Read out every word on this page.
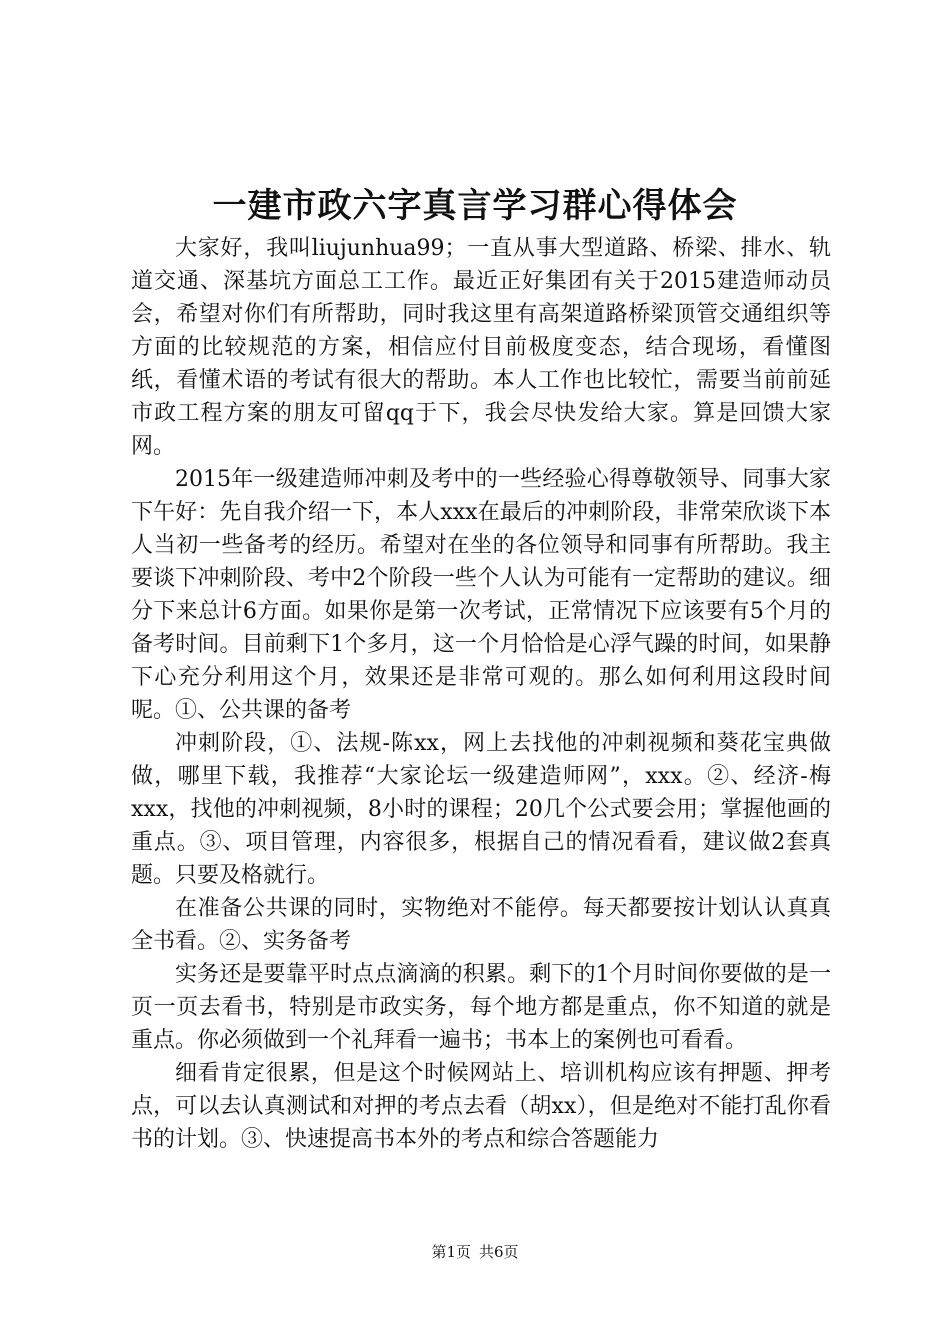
一建市政六字真言学习群心得体会

大家好，我叫liujunhua99；一直从事大型道路、桥梁、排水、轨道交通、深基坑方面总工工作。最近正好集团有关于2015建造师动员会，希望对你们有所帮助，同时我这里有高架道路桥梁顶管交通组织等方面的比较规范的方案，相信应付目前极度变态，结合现场，看懂图纸，看懂术语的考试有很大的帮助。本人工作也比较忙，需要当前前延市政工程方案的朋友可留qq于下，我会尽快发给大家。算是回馈大家网。

2015年一级建造师冲刺及考中的一些经验心得尊敬领导、同事大家下午好：先自我介绍一下，本人xxx在最后的冲刺阶段，非常荣欣谈下本人当初一些备考的经历。希望对在坐的各位领导和同事有所帮助。我主要谈下冲刺阶段、考中2个阶段一些个人认为可能有一定帮助的建议。细分下来总计6方面。如果你是第一次考试，正常情况下应该要有5个月的备考时间。目前剩下1个多月，这一个月恰恰是心浮气躁的时间，如果静下心充分利用这个月，效果还是非常可观的。那么如何利用这段时间呢。①、公共课的备考

冲刺阶段，①、法规-陈xx，网上去找他的冲刺视频和葵花宝典做做，哪里下载，我推荐“大家论坛一级建造师网”，xxx。②、经济-梅xxx，找他的冲刺视频，8小时的课程；20几个公式要会用；掌握他画的重点。③、项目管理，内容很多，根据自己的情况看看，建议做2套真题。只要及格就行。

在准备公共课的同时，实物绝对不能停。每天都要按计划认认真真全书看。②、实务备考

实务还是要靠平时点点滴滴的积累。剩下的1个月时间你要做的是一页一页去看书，特别是市政实务，每个地方都是重点，你不知道的就是重点。你必须做到一个礼拜看一遍书；书本上的案例也可看看。

细看肯定很累，但是这个时候网站上、培训机构应该有押题、押考点，可以去认真测试和对押的考点去看（胡xx），但是绝对不能打乱你看书的计划。③、快速提高书本外的考点和综合答题能力

第1页 共6页
